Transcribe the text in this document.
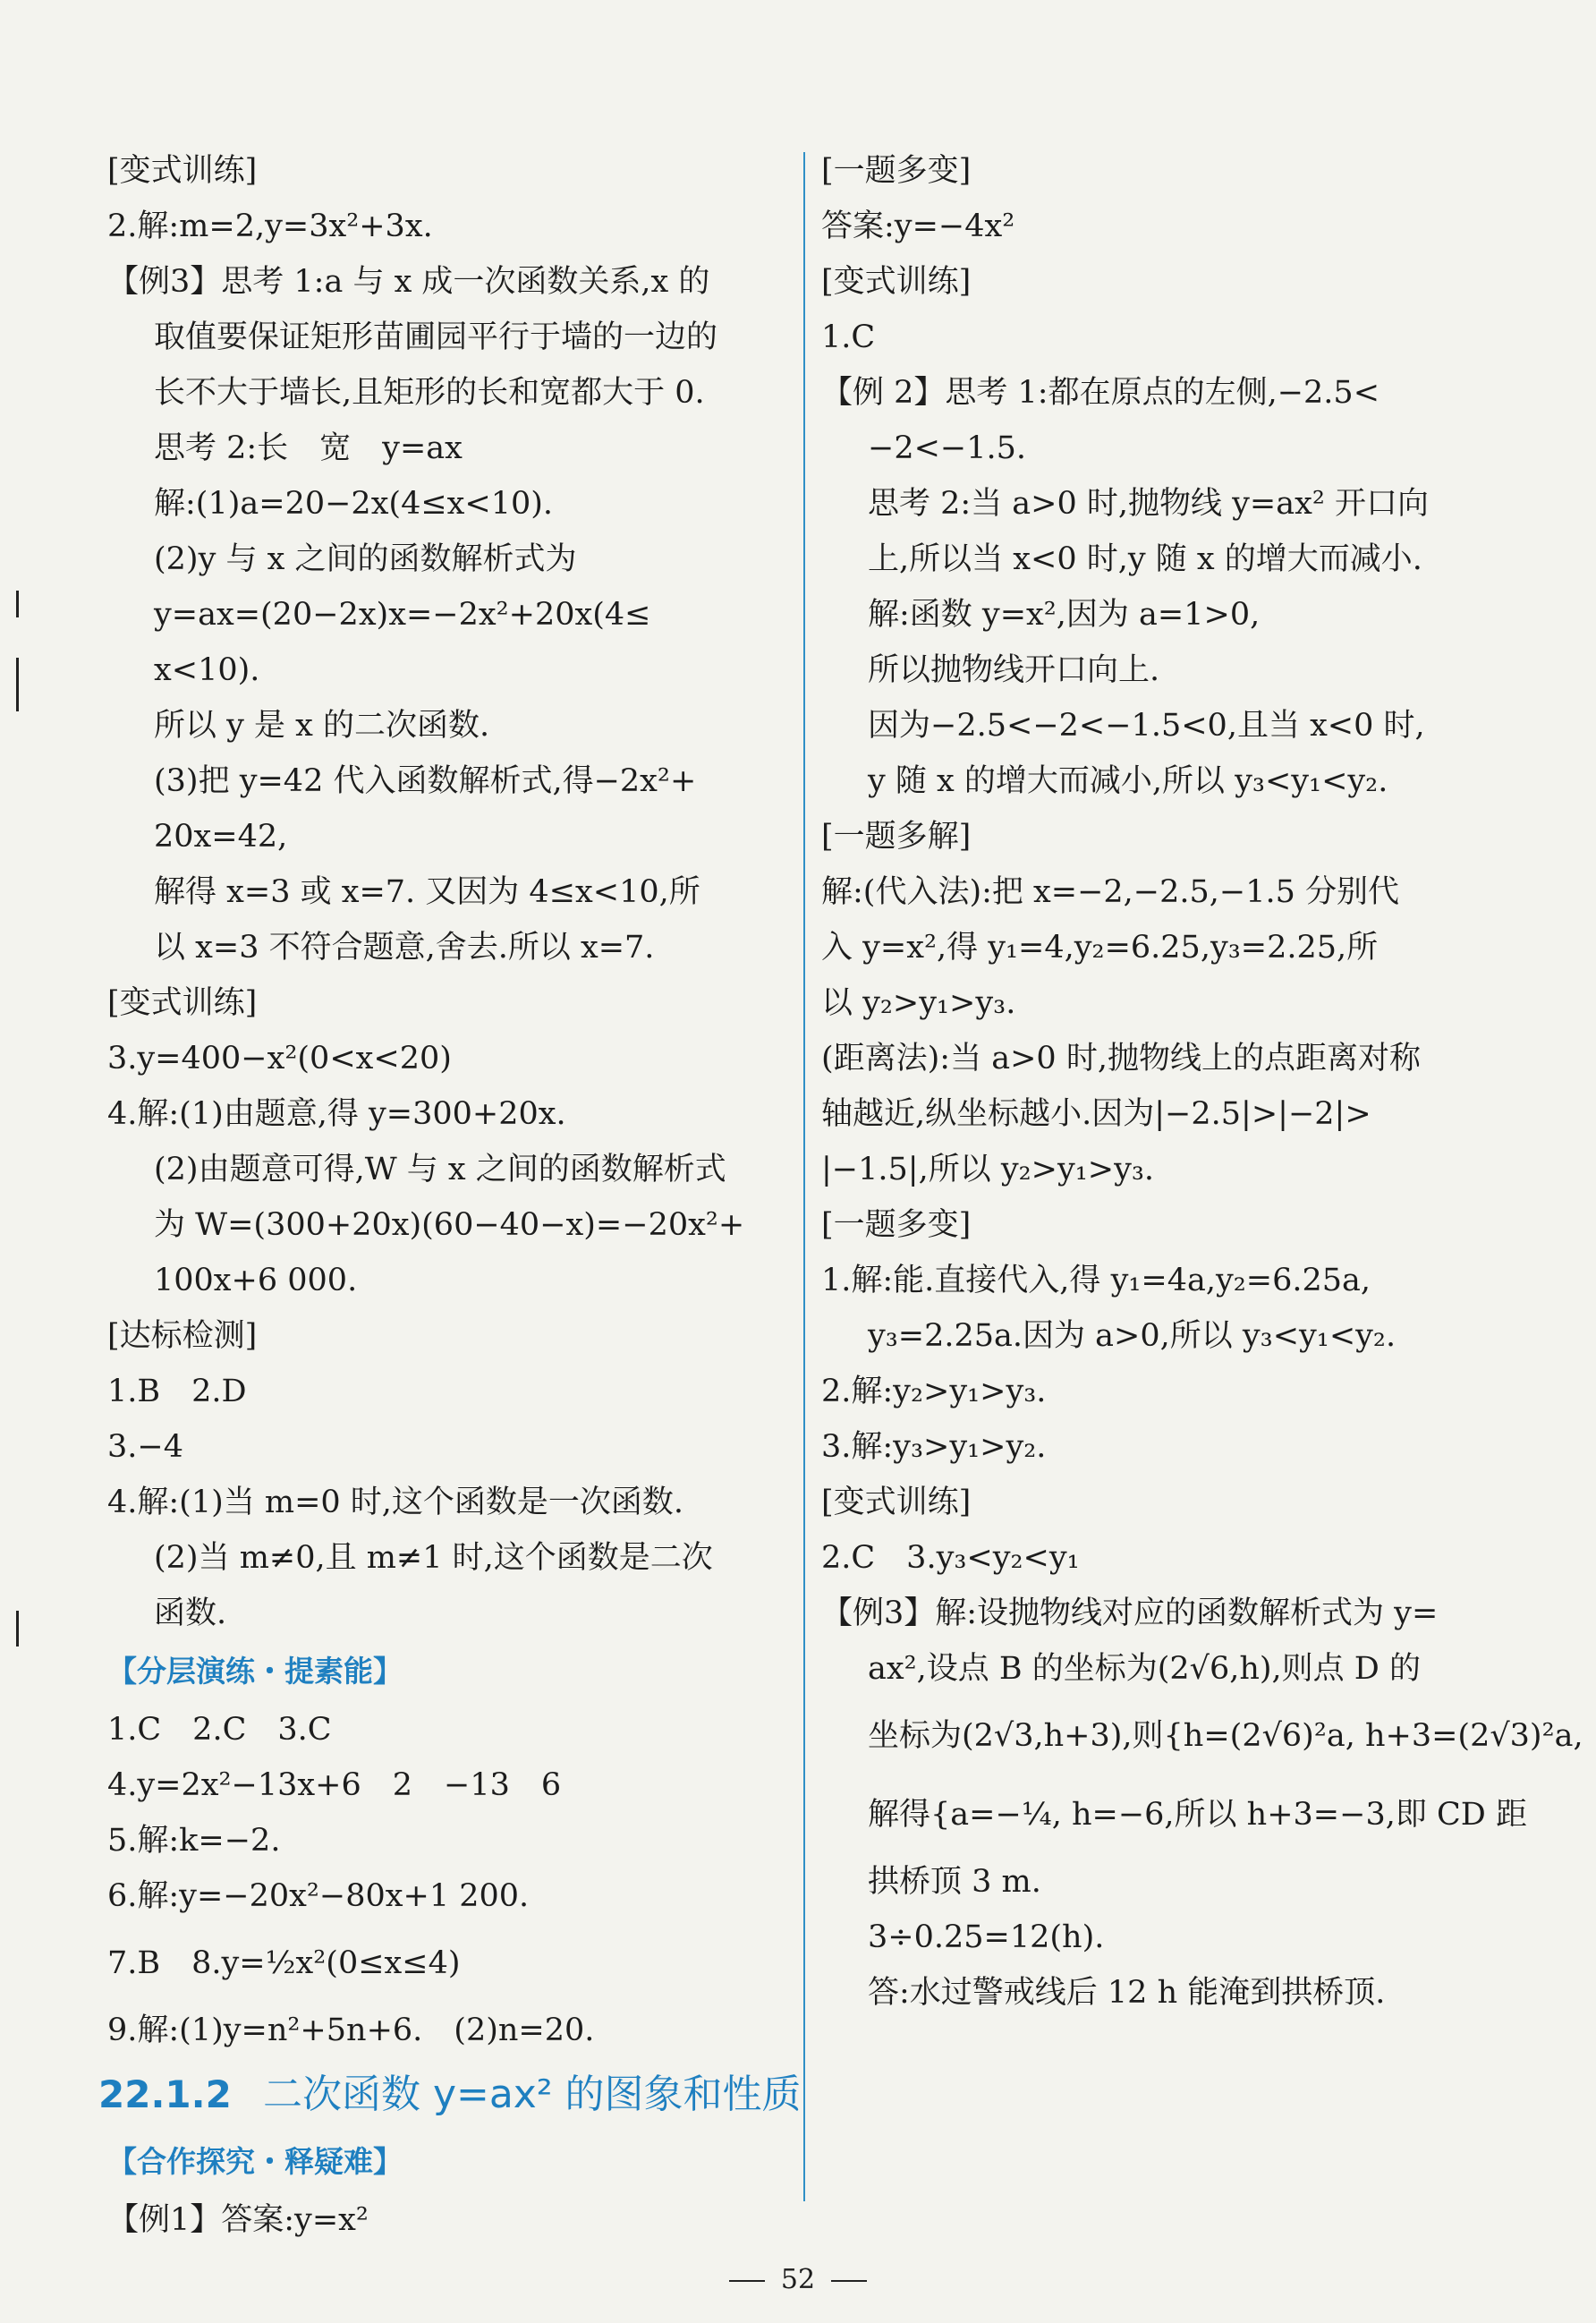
[变式训练]
2.解:m=2,y=3x²+3x.
【例3】思考 1:a 与 x 成一次函数关系,x 的
取值要保证矩形苗圃园平行于墙的一边的
长不大于墙长,且矩形的长和宽都大于 0.
思考 2:长　宽　y=ax
解:(1)a=20−2x(4≤x<10).
(2)y 与 x 之间的函数解析式为
y=ax=(20−2x)x=−2x²+20x(4≤
x<10).
所以 y 是 x 的二次函数.
(3)把 y=42 代入函数解析式,得−2x²+
20x=42,
解得 x=3 或 x=7. 又因为 4≤x<10,所
以 x=3 不符合题意,舍去.所以 x=7.
[变式训练]
3.y=400−x²(0<x<20)
4.解:(1)由题意,得 y=300+20x.
(2)由题意可得,W 与 x 之间的函数解析式
为 W=(300+20x)(60−40−x)=−20x²+
100x+6 000.
[达标检测]
1.B　2.D
3.−4
4.解:(1)当 m=0 时,这个函数是一次函数.
(2)当 m≠0,且 m≠1 时,这个函数是二次
函数.
【分层演练・提素能】
1.C　2.C　3.C
4.y=2x²−13x+6　2　−13　6
5.解:k=−2.
6.解:y=−20x²−80x+1 200.
7.B　8.y=½x²(0≤x≤4)
9.解:(1)y=n²+5n+6.　(2)n=20.
22.1.2 二次函数 y=ax² 的图象和性质
【合作探究・释疑难】
【例1】答案:y=x²
[一题多变]
答案:y=−4x²
[变式训练]
1.C
【例 2】思考 1:都在原点的左侧,−2.5<
−2<−1.5.
思考 2:当 a>0 时,抛物线 y=ax² 开口向
上,所以当 x<0 时,y 随 x 的增大而减小.
解:函数 y=x²,因为 a=1>0,
所以抛物线开口向上.
因为−2.5<−2<−1.5<0,且当 x<0 时,
y 随 x 的增大而减小,所以 y₃<y₁<y₂.
[一题多解]
解:(代入法):把 x=−2,−2.5,−1.5 分别代
入 y=x²,得 y₁=4,y₂=6.25,y₃=2.25,所
以 y₂>y₁>y₃.
(距离法):当 a>0 时,抛物线上的点距离对称
轴越近,纵坐标越小.因为|−2.5|>|−2|>
|−1.5|,所以 y₂>y₁>y₃.
[一题多变]
1.解:能.直接代入,得 y₁=4a,y₂=6.25a,
y₃=2.25a.因为 a>0,所以 y₃<y₁<y₂.
2.解:y₂>y₁>y₃.
3.解:y₃>y₁>y₂.
[变式训练]
2.C　3.y₃<y₂<y₁
【例3】解:设抛物线对应的函数解析式为 y=
ax²,设点 B 的坐标为(2√6,h),则点 D 的
坐标为(2√3,h+3),则{h=(2√6)²a, h+3=(2√3)²a,
解得{a=−¼, h=−6,所以 h+3=−3,即 CD 距
拱桥顶 3 m.
3÷0.25=12(h).
答:水过警戒线后 12 h 能淹到拱桥顶.
52
